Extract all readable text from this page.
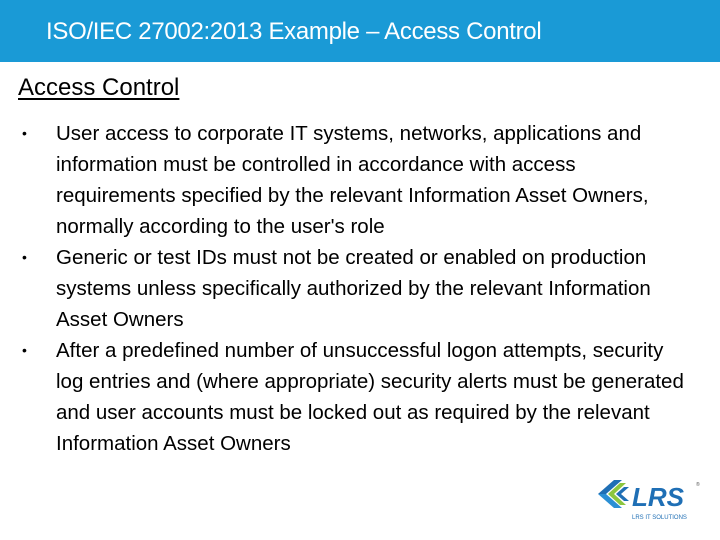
ISO/IEC 27002:2013 Example – Access Control
Access Control
• User access to corporate IT systems, networks, applications and information must be controlled in accordance with access requirements specified by the relevant Information Asset Owners, normally according to the user's role
• Generic or test IDs must not be created or enabled on production systems unless specifically authorized by the relevant Information Asset Owners
• After a predefined number of unsuccessful logon attempts, security log entries and (where appropriate) security alerts must be generated and user accounts must be locked out as required by the relevant Information Asset Owners
LRS ®
LRS IT SOLUTIONS
